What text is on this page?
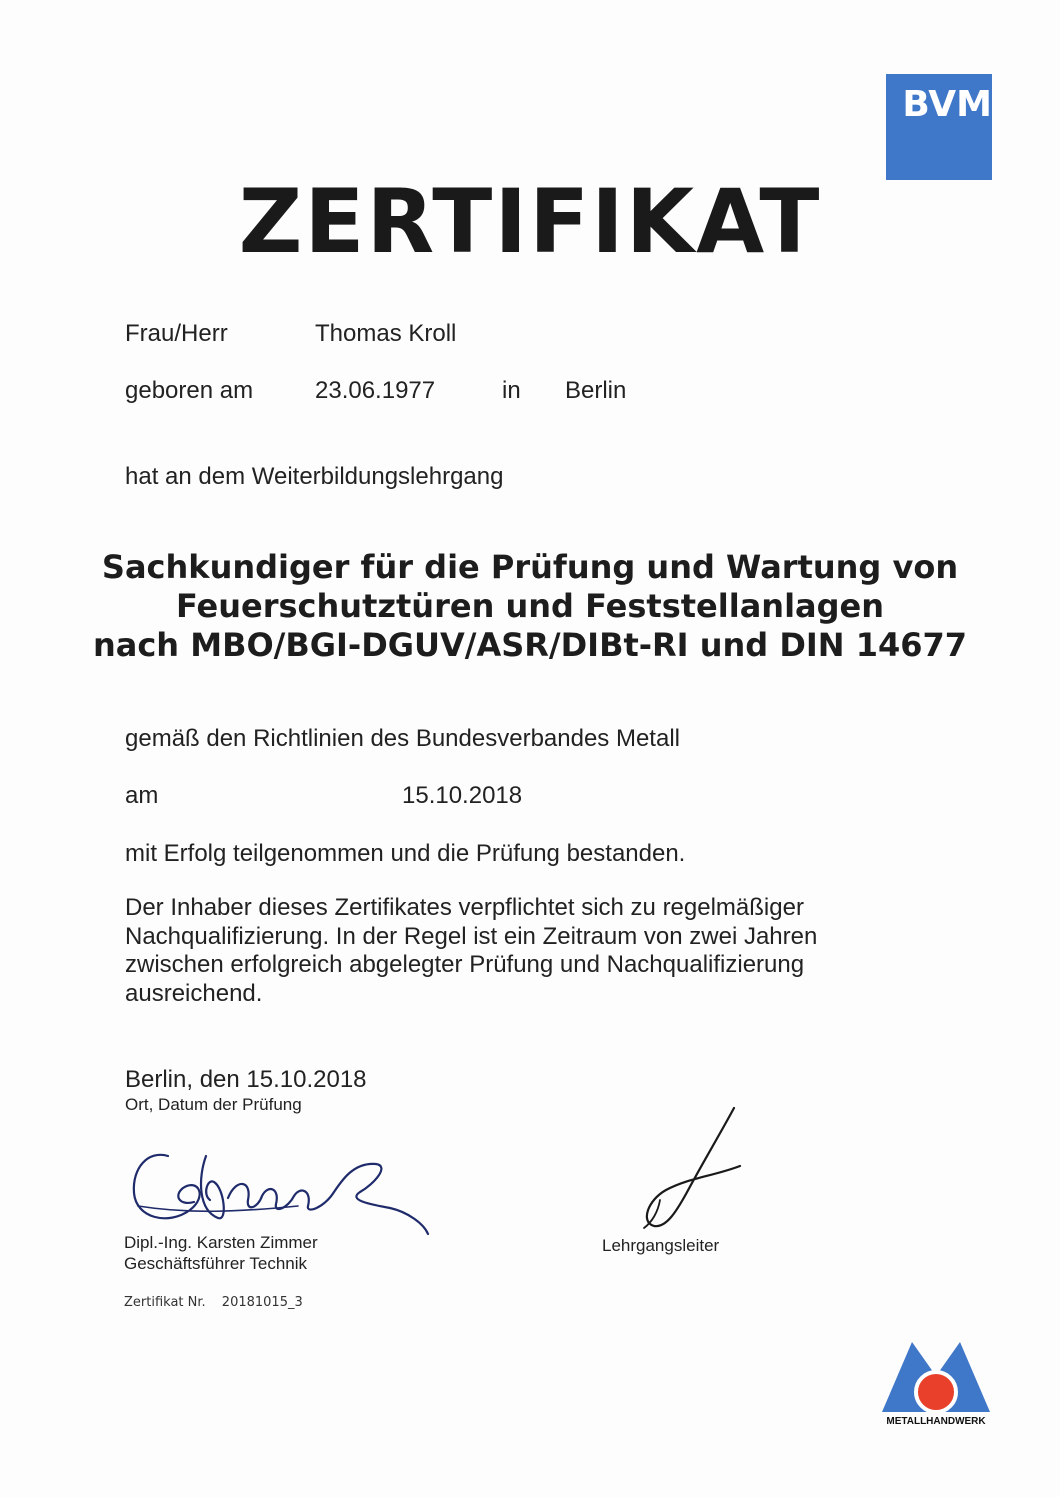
BVM
ZERTIFIKAT
Frau/Herr	Thomas Kroll
geboren am	23.06.1977	in Berlin
hat an dem Weiterbildungslehrgang
Sachkundiger für die Prüfung und Wartung von
Feuerschutztüren und Feststellanlagen
nach MBO/BGI-DGUV/ASR/DIBt-RI und DIN 14677
gemäß den Richtlinien des Bundesverbandes Metall
am	15.10.2018
mit Erfolg teilgenommen und die Prüfung bestanden.
Der Inhaber dieses Zertifikates verpflichtet sich zu regelmäßiger
Nachqualifizierung. In der Regel ist ein Zeitraum von zwei Jahren
zwischen erfolgreich abgelegter Prüfung und Nachqualifizierung
ausreichend.
Berlin, den 15.10.2018
Ort, Datum der Prüfung
Dipl.-Ing. Karsten Zimmer
Geschäftsführer Technik
Lehrgangsleiter
Zertifikat Nr. 20181015_3
METALLHANDWERK
